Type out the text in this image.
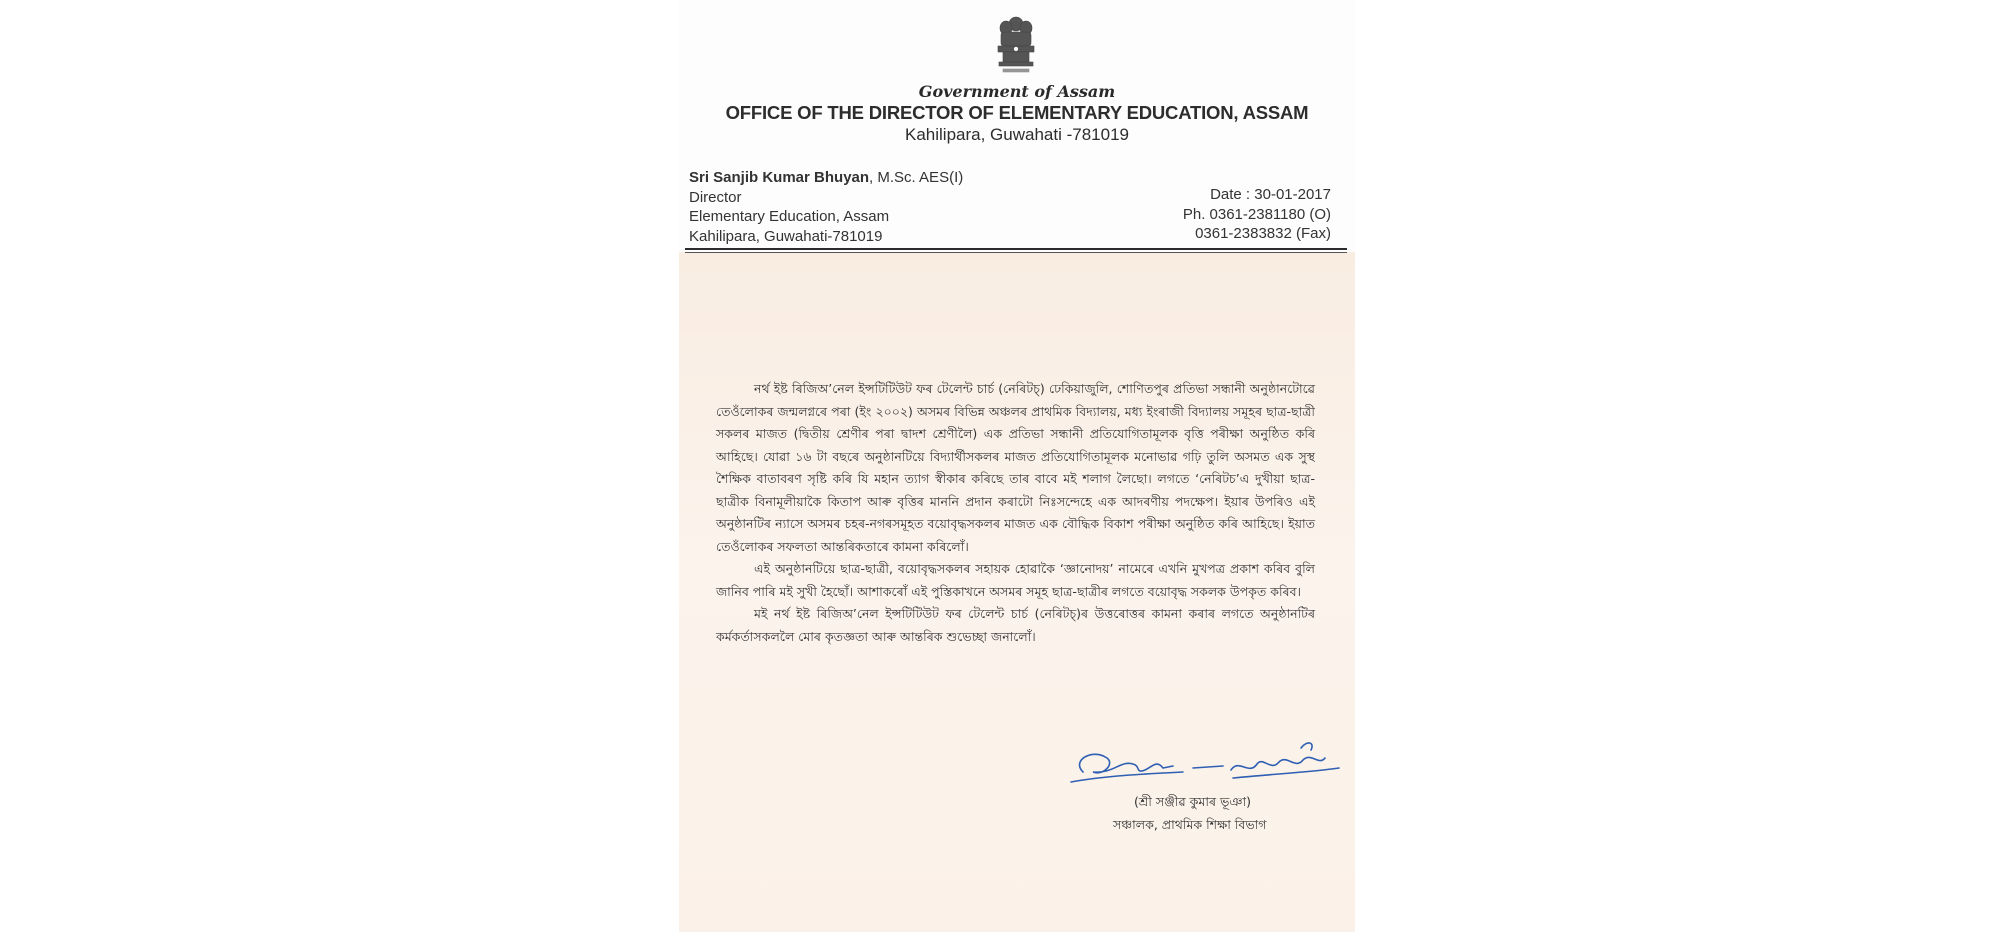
Government of Assam
OFFICE OF THE DIRECTOR OF ELEMENTARY EDUCATION, ASSAM
Kahilipara, Guwahati -781019
Sri Sanjib Kumar Bhuyan, M.Sc. AES(I)
Director
Elementary Education, Assam
Kahilipara, Guwahati-781019
Date : 30-01-2017
Ph. 0361-2381180 (O)
0361-2383832 (Fax)

নৰ্থ ইষ্ট ৰিজিঅ’নেল ইন্সটিটিউট ফৰ টেলেন্ট চাৰ্চ (নেৰিটচ্) ঢেকিয়াজুলি, শোণিতপুৰ প্ৰতিভা সন্ধানী অনুষ্ঠানটোৱে তেওঁলোকৰ জন্মলগ্নৰে পৰা (ইং ২০০২) অসমৰ বিভিন্ন অঞ্চলৰ প্ৰাথমিক বিদ্যালয়, মধ্য ইংৰাজী বিদ্যালয় সমূহৰ ছাত্ৰ-ছাত্ৰী সকলৰ মাজত (দ্বিতীয় শ্ৰেণীৰ পৰা দ্বাদশ শ্ৰেণীলৈ) এক প্ৰতিভা সন্ধানী প্ৰতিযোগিতামূলক বৃত্তি পৰীক্ষা অনুষ্ঠিত কৰি আহিছে। যোৱা ১৬ টা বছৰে অনুষ্ঠানটিয়ে বিদ্যাৰ্থীসকলৰ মাজত প্ৰতিযোগিতামূলক মনোভাৱ গঢ়ি তুলি অসমত এক সুস্থ শৈক্ষিক বাতাবৰণ সৃষ্টি কৰি যি মহান ত্যাগ স্বীকাৰ কৰিছে তাৰ বাবে মই শলাগ লৈছো। লগতে ‘নেৰিটচ’এ দুখীয়া ছাত্ৰ-ছাত্ৰীক বিনামূলীয়াকৈ কিতাপ আৰু বৃত্তিৰ মাননি প্ৰদান কৰাটো নিঃসন্দেহে এক আদৰণীয় পদক্ষেপ। ইয়াৰ উপৰিও এই অনুষ্ঠানটিৰ ন্যাসে অসমৰ চহৰ-নগৰসমূহত বয়োবৃদ্ধসকলৰ মাজত এক বৌদ্ধিক বিকাশ পৰীক্ষা অনুষ্ঠিত কৰি আহিছে। ইয়াত তেওঁলোকৰ সফলতা আন্তৰিকতাৰে কামনা কৰিলোঁ।

এই অনুষ্ঠানটিয়ে ছাত্ৰ-ছাত্ৰী, বয়োবৃদ্ধসকলৰ সহায়ক হোৱাকৈ ‘জ্ঞানোদয়’ নামেৰে এখনি মুখপত্ৰ প্ৰকাশ কৰিব বুলি জানিব পাৰি মই সুখী হৈছোঁ। আশাকৰোঁ এই পুস্তিকাখনে অসমৰ সমূহ ছাত্ৰ-ছাত্ৰীৰ লগতে বয়োবৃদ্ধ সকলক উপকৃত কৰিব।

মই নৰ্থ ইষ্ট ৰিজিঅ’নেল ইন্সটিটিউট ফৰ টেলেন্ট চাৰ্চ (নেৰিটচ্)ৰ উত্তৰোত্তৰ কামনা কৰাৰ লগতে অনুষ্ঠানটিৰ কৰ্মকৰ্তাসকললৈ মোৰ কৃতজ্ঞতা আৰু আন্তৰিক শুভেচ্ছা জনালোঁ।

(শ্ৰী সঞ্জীৱ কুমাৰ ভূঞা)
সঞ্চালক, প্ৰাথমিক শিক্ষা বিভাগ
